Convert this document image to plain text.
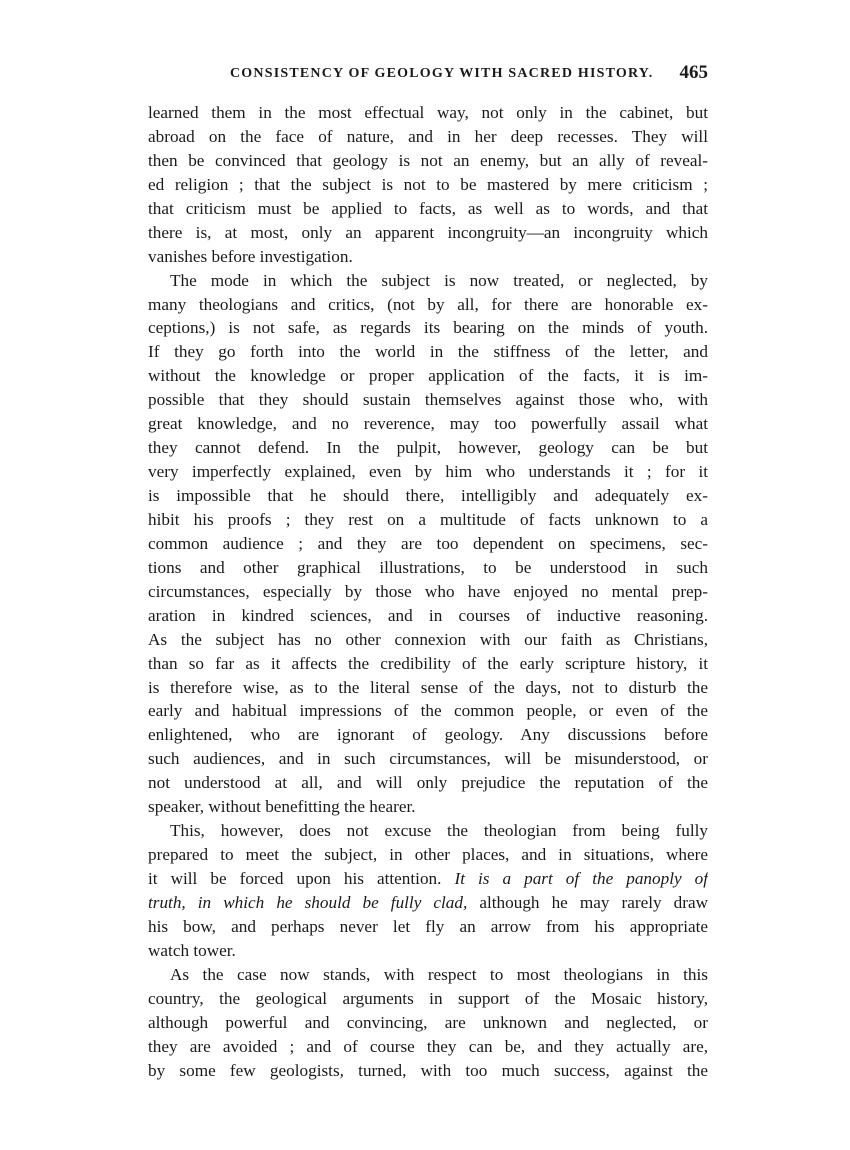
CONSISTENCY OF GEOLOGY WITH SACRED HISTORY. 465
learned them in the most effectual way, not only in the cabinet, but
abroad on the face of nature, and in her deep recesses. They will
then be convinced that geology is not an enemy, but an ally of reveal-
ed religion ; that the subject is not to be mastered by mere criticism ;
that criticism must be applied to facts, as well as to words, and that
there is, at most, only an apparent incongruity—an incongruity which
vanishes before investigation.
The mode in which the subject is now treated, or neglected, by
many theologians and critics, (not by all, for there are honorable ex-
ceptions,) is not safe, as regards its bearing on the minds of youth.
If they go forth into the world in the stiffness of the letter, and
without the knowledge or proper application of the facts, it is im-
possible that they should sustain themselves against those who, with
great knowledge, and no reverence, may too powerfully assail what
they cannot defend. In the pulpit, however, geology can be but
very imperfectly explained, even by him who understands it ; for it
is impossible that he should there, intelligibly and adequately ex-
hibit his proofs ; they rest on a multitude of facts unknown to a
common audience ; and they are too dependent on specimens, sec-
tions and other graphical illustrations, to be understood in such
circumstances, especially by those who have enjoyed no mental prep-
aration in kindred sciences, and in courses of inductive reasoning.
As the subject has no other connexion with our faith as Christians,
than so far as it affects the credibility of the early scripture history, it
is therefore wise, as to the literal sense of the days, not to disturb the
early and habitual impressions of the common people, or even of the
enlightened, who are ignorant of geology. Any discussions before
such audiences, and in such circumstances, will be misunderstood, or
not understood at all, and will only prejudice the reputation of the
speaker, without benefitting the hearer.
This, however, does not excuse the theologian from being fully
prepared to meet the subject, in other places, and in situations, where
it will be forced upon his attention. It is a part of the panoply of
truth, in which he should be fully clad, although he may rarely draw
his bow, and perhaps never let fly an arrow from his appropriate
watch tower.
As the case now stands, with respect to most theologians in this
country, the geological arguments in support of the Mosaic history,
although powerful and convincing, are unknown and neglected, or
they are avoided ; and of course they can be, and they actually are,
by some few geologists, turned, with too much success, against the
